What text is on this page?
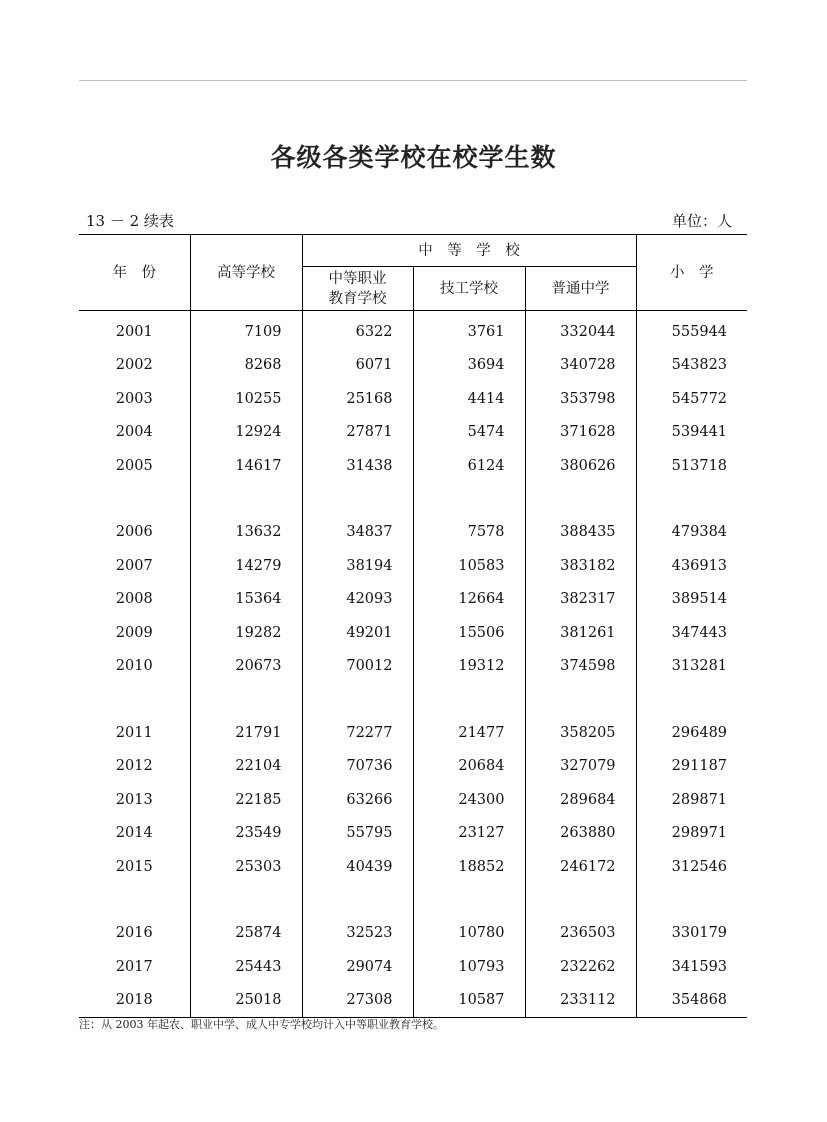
各级各类学校在校学生数
13 － 2 续表	单位：人
年　份	高等学校	中　等　学　校			小　学

		中等职业
教育学校	技工学校	普通中学	
2001	7109	6322	3761	332044	555944
2002	8268	6071	3694	340728	543823
2003	10255	25168	4414	353798	545772
2004	12924	27871	5474	371628	539441
2005	14617	31438	6124	380626	513718

2006	13632	34837	7578	388435	479384
2007	14279	38194	10583	383182	436913
2008	15364	42093	12664	382317	389514
2009	19282	49201	15506	381261	347443
2010	20673	70012	19312	374598	313281

2011	21791	72277	21477	358205	296489
2012	22104	70736	20684	327079	291187
2013	22185	63266	24300	289684	289871
2014	23549	55795	23127	263880	298971
2015	25303	40439	18852	246172	312546

2016	25874	32523	10780	236503	330179
2017	25443	29074	10793	232262	341593
2018	25018	27308	10587	233112	354868
注：从 2003 年起农、职业中学、成人中专学校均计入中等职业教育学校。
